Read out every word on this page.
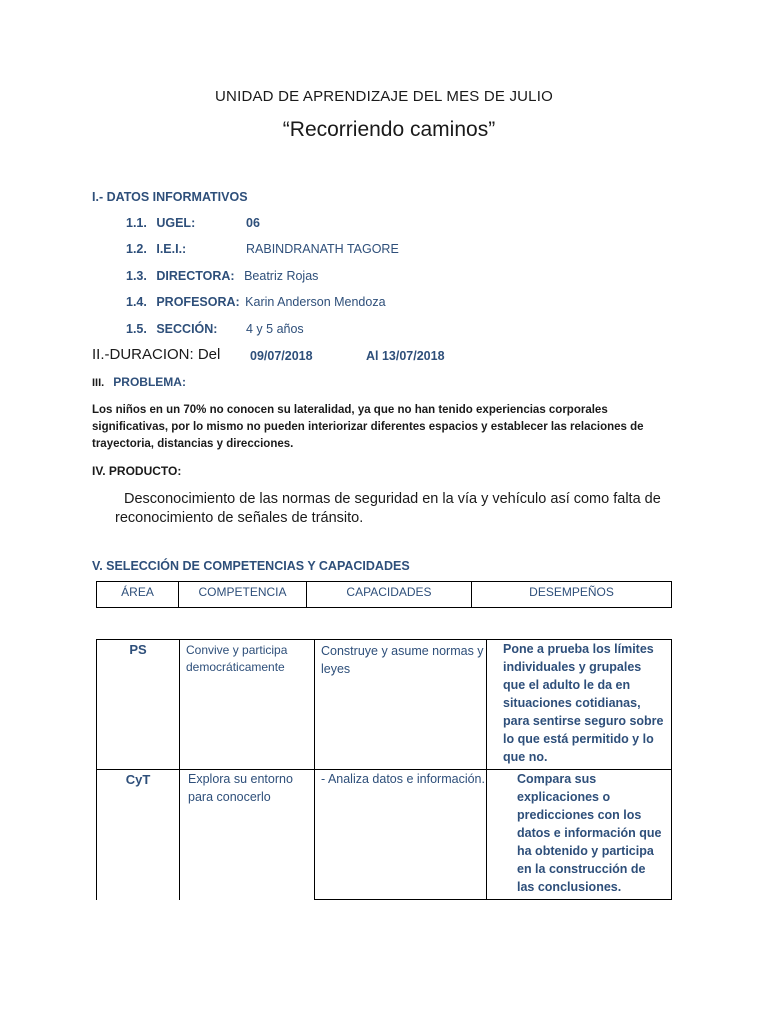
UNIDAD DE APRENDIZAJE DEL MES DE JULIO
“Recorriendo caminos”
I.- DATOS INFORMATIVOS
1.1. UGEL:	06
1.2. I.E.I.:	RABINDRANATH TAGORE
1.3. DIRECTORA: Beatriz Rojas
1.4. PROFESORA: Karin Anderson Mendoza
1.5. SECCIÓN: 4 y 5 años
II.-DURACION: Del 09/07/2018	Al 13/07/2018
III. PROBLEMA:
Los niños en un 70% no conocen su lateralidad, ya que no han tenido experiencias corporales significativas, por lo mismo no pueden interiorizar diferentes espacios y establecer las relaciones de trayectoria, distancias y direcciones.
IV. PRODUCTO:
Desconocimiento de las normas de seguridad en la vía y vehículo así como falta de reconocimiento de señales de tránsito.
V. SELECCIÓN DE COMPETENCIAS Y CAPACIDADES
ÁREA	COMPETENCIA	CAPACIDADES	DESEMPEÑOS
PS	Convive y participa democráticamente	Construye y asume normas y leyes	Pone a prueba los límites individuales y grupales que el adulto le da en situaciones cotidianas, para sentirse seguro sobre lo que está permitido y lo que no.
CyT	Explora su entorno para conocerlo	- Analiza datos e información.	Compara sus explicaciones o predicciones con los datos e información que ha obtenido y participa en la construcción de las conclusiones.
